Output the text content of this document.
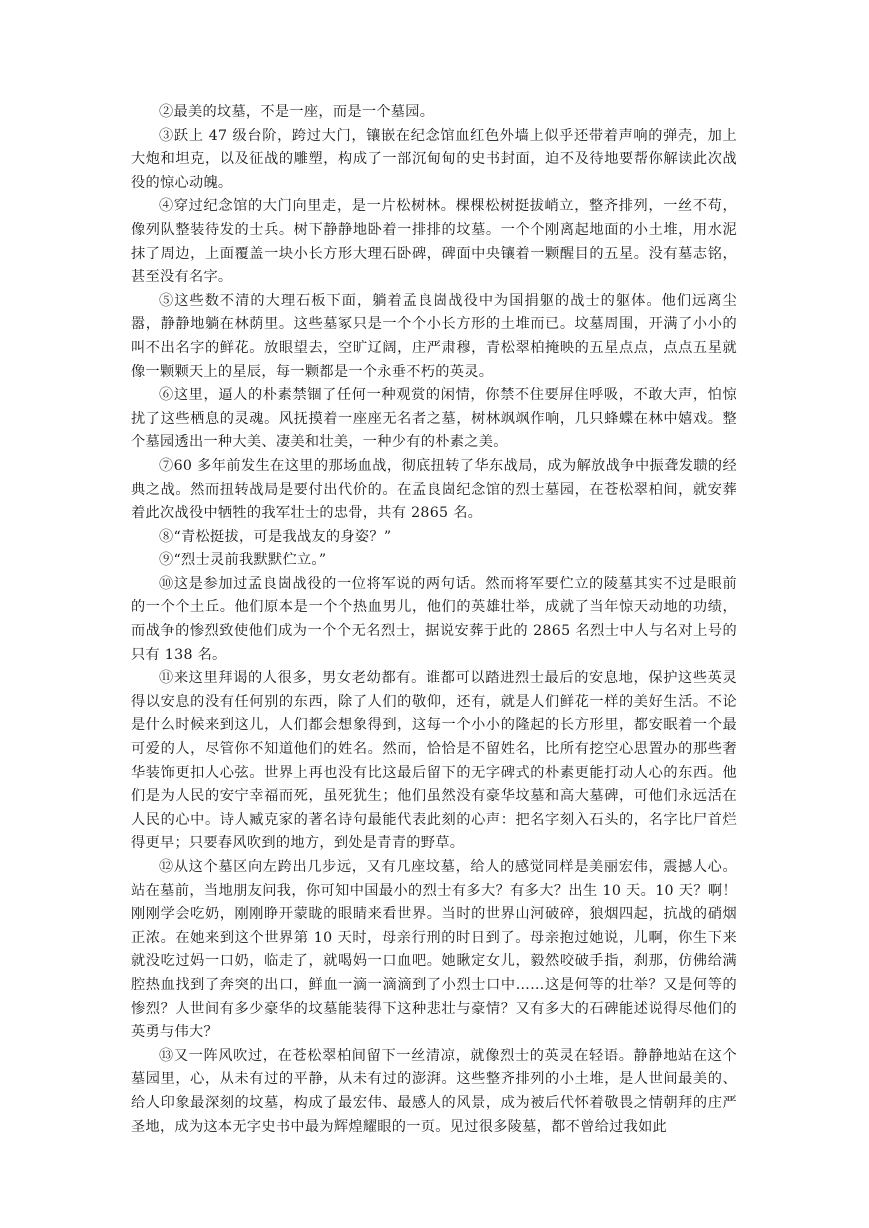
②最美的坟墓，不是一座，而是一个墓园。

③跃上 47 级台阶，跨过大门，镶嵌在纪念馆血红色外墙上似乎还带着声响的弹壳，加上大炮和坦克，以及征战的雕塑，构成了一部沉甸甸的史书封面，迫不及待地要帮你解读此次战役的惊心动魄。

④穿过纪念馆的大门向里走，是一片松树林。棵棵松树挺拔峭立，整齐排列，一丝不苟，像列队整装待发的士兵。树下静静地卧着一排排的坟墓。一个个刚离起地面的小土堆，用水泥抹了周边，上面覆盖一块小长方形大理石卧碑，碑面中央镶着一颗醒目的五星。没有墓志铭，甚至没有名字。

⑤这些数不清的大理石板下面，躺着孟良崮战役中为国捐躯的战士的躯体。他们远离尘嚣，静静地躺在林荫里。这些墓冢只是一个个小长方形的土堆而已。坟墓周围，开满了小小的叫不出名字的鲜花。放眼望去，空旷辽阔，庄严肃穆，青松翠柏掩映的五星点点，点点五星就像一颗颗天上的星辰，每一颗都是一个永垂不朽的英灵。

⑥这里，逼人的朴素禁锢了任何一种观赏的闲情，你禁不住要屏住呼吸，不敢大声，怕惊扰了这些栖息的灵魂。风抚摸着一座座无名者之墓，树林飒飒作响，几只蜂蝶在林中嬉戏。整个墓园透出一种大美、凄美和壮美，一种少有的朴素之美。

⑦60 多年前发生在这里的那场血战，彻底扭转了华东战局，成为解放战争中振聋发聩的经典之战。然而扭转战局是要付出代价的。在孟良崮纪念馆的烈士墓园，在苍松翠柏间，就安葬着此次战役中牺牲的我军壮士的忠骨，共有 2865 名。

⑧“青松挺拔，可是我战友的身姿？”

⑨“烈士灵前我默默伫立。”

⑩这是参加过孟良崮战役的一位将军说的两句话。然而将军要伫立的陵墓其实不过是眼前的一个个土丘。他们原本是一个个热血男儿，他们的英雄壮举，成就了当年惊天动地的功绩，而战争的惨烈致使他们成为一个个无名烈士，据说安葬于此的 2865 名烈士中人与名对上号的只有 138 名。

⑪来这里拜谒的人很多，男女老幼都有。谁都可以踏进烈士最后的安息地，保护这些英灵得以安息的没有任何别的东西，除了人们的敬仰，还有，就是人们鲜花一样的美好生活。不论是什么时候来到这儿，人们都会想象得到，这每一个小小的隆起的长方形里，都安眠着一个最可爱的人，尽管你不知道他们的姓名。然而，恰恰是不留姓名，比所有挖空心思置办的那些奢华装饰更扣人心弦。世界上再也没有比这最后留下的无字碑式的朴素更能打动人心的东西。他们是为人民的安宁幸福而死，虽死犹生；他们虽然没有豪华坟墓和高大墓碑，可他们永远活在人民的心中。诗人臧克家的著名诗句最能代表此刻的心声：把名字刻入石头的，名字比尸首烂得更早；只要春风吹到的地方，到处是青青的野草。

⑫从这个墓区向左跨出几步远，又有几座坟墓，给人的感觉同样是美丽宏伟，震撼人心。站在墓前，当地朋友问我，你可知中国最小的烈士有多大？有多大？出生 10 天。10 天？啊！刚刚学会吃奶，刚刚睁开蒙眬的眼睛来看世界。当时的世界山河破碎，狼烟四起，抗战的硝烟正浓。在她来到这个世界第 10 天时，母亲行刑的时日到了。母亲抱过她说，儿啊，你生下来就没吃过妈一口奶，临走了，就喝妈一口血吧。她瞅定女儿，毅然咬破手指，刹那，仿佛给满腔热血找到了奔突的出口，鲜血一滴一滴滴到了小烈士口中……这是何等的壮举？又是何等的惨烈？人世间有多少豪华的坟墓能装得下这种悲壮与豪情？又有多大的石碑能述说得尽他们的英勇与伟大？

⑬又一阵风吹过，在苍松翠柏间留下一丝清凉，就像烈士的英灵在轻语。静静地站在这个墓园里，心，从未有过的平静，从未有过的澎湃。这些整齐排列的小土堆，是人世间最美的、给人印象最深刻的坟墓，构成了最宏伟、最感人的风景，成为被后代怀着敬畏之情朝拜的庄严圣地，成为这本无字史书中最为辉煌耀眼的一页。见过很多陵墓，都不曾给过我如此
